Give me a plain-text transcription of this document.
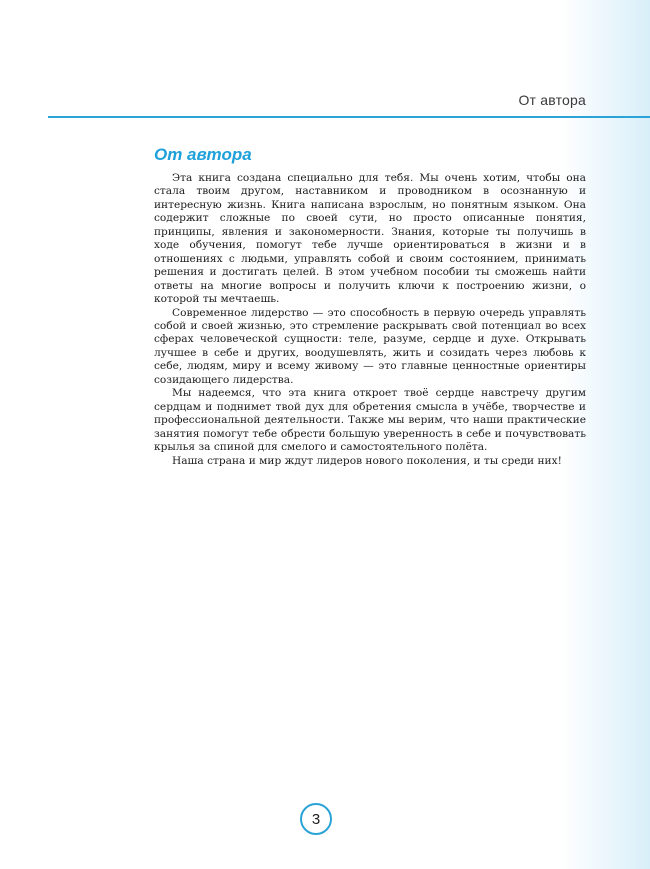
От автора
От автора

Эта книга создана специально для тебя. Мы очень хотим, чтобы она стала твоим другом, наставником и проводником в осознанную и интересную жизнь. Книга написана взрослым, но понятным языком. Она содержит сложные по своей сути, но просто описанные понятия, принципы, явления и закономерности. Знания, которые ты получишь в ходе обучения, помогут тебе лучше ориентироваться в жизни и в отношениях с людьми, управлять собой и своим состоянием, принимать решения и достигать целей. В этом учебном пособии ты сможешь найти ответы на многие вопросы и получить ключи к построению жизни, о которой ты мечтаешь.

Современное лидерство — это способность в первую очередь управлять собой и своей жизнью, это стремление раскрывать свой потенциал во всех сферах человеческой сущности: теле, разуме, сердце и духе. Открывать лучшее в себе и других, воодушевлять, жить и созидать через любовь к себе, людям, миру и всему живому — это главные ценностные ориентиры созидающего лидерства.

Мы надеемся, что эта книга откроет твоё сердце навстречу другим сердцам и поднимет твой дух для обретения смысла в учёбе, творчестве и профессиональной деятельности. Также мы верим, что наши практические занятия помогут тебе обрести большую уверенность в себе и почувствовать крылья за спиной для смелого и самостоятельного полёта.

Наша страна и мир ждут лидеров нового поколения, и ты среди них!

3
